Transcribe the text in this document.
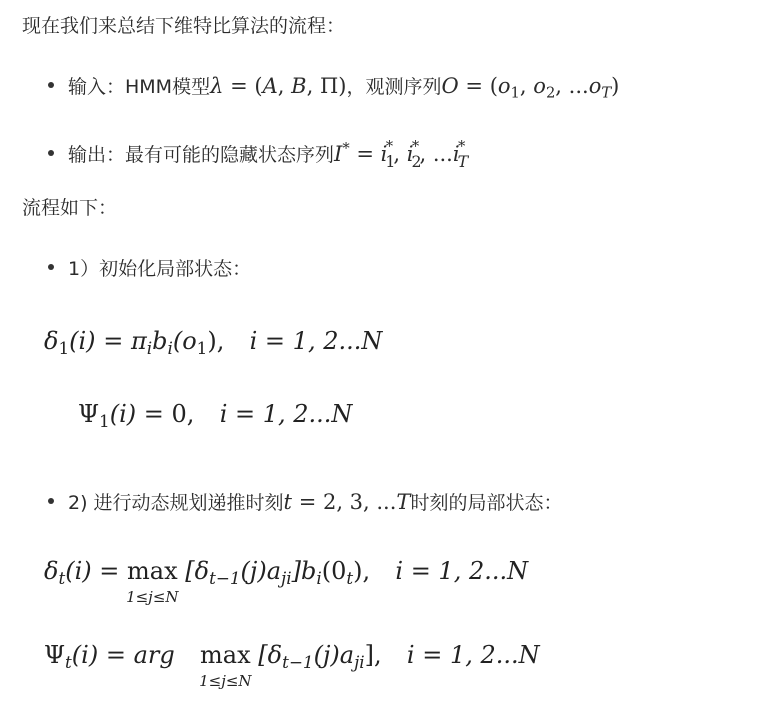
现在我们来总结下维特比算法的流程：
输入：HMM模型 λ = (A, B, Π) ，观测序列 $O = (o_1$, $o_2$, $...o_T$)
输出：最有可能的隐藏状态序列 I* = i
*
1
, i
*
2
, ...i
*
T
流程如下：
1）初始化局部状态：
$\delta_1(i) = \pi_ib_i(o_1)$, i = 1, 2...N
$\Psi_1(i) = 0$, i = 1, 2...N
2) 进行动态规划递推时刻 t = 2, 3, ...T 时刻的局部状态：
$\delta_t(i) = \max$
1≤j≤N
$[\delta_{t-1}(j)a_{ji}]b_i(0_t)$, i = 1, 2...N
$\Psi_t(i)$ = arg max
1≤j≤N
$[\delta_{t-1}(j)a_{ji}]$, i = 1, 2...N
